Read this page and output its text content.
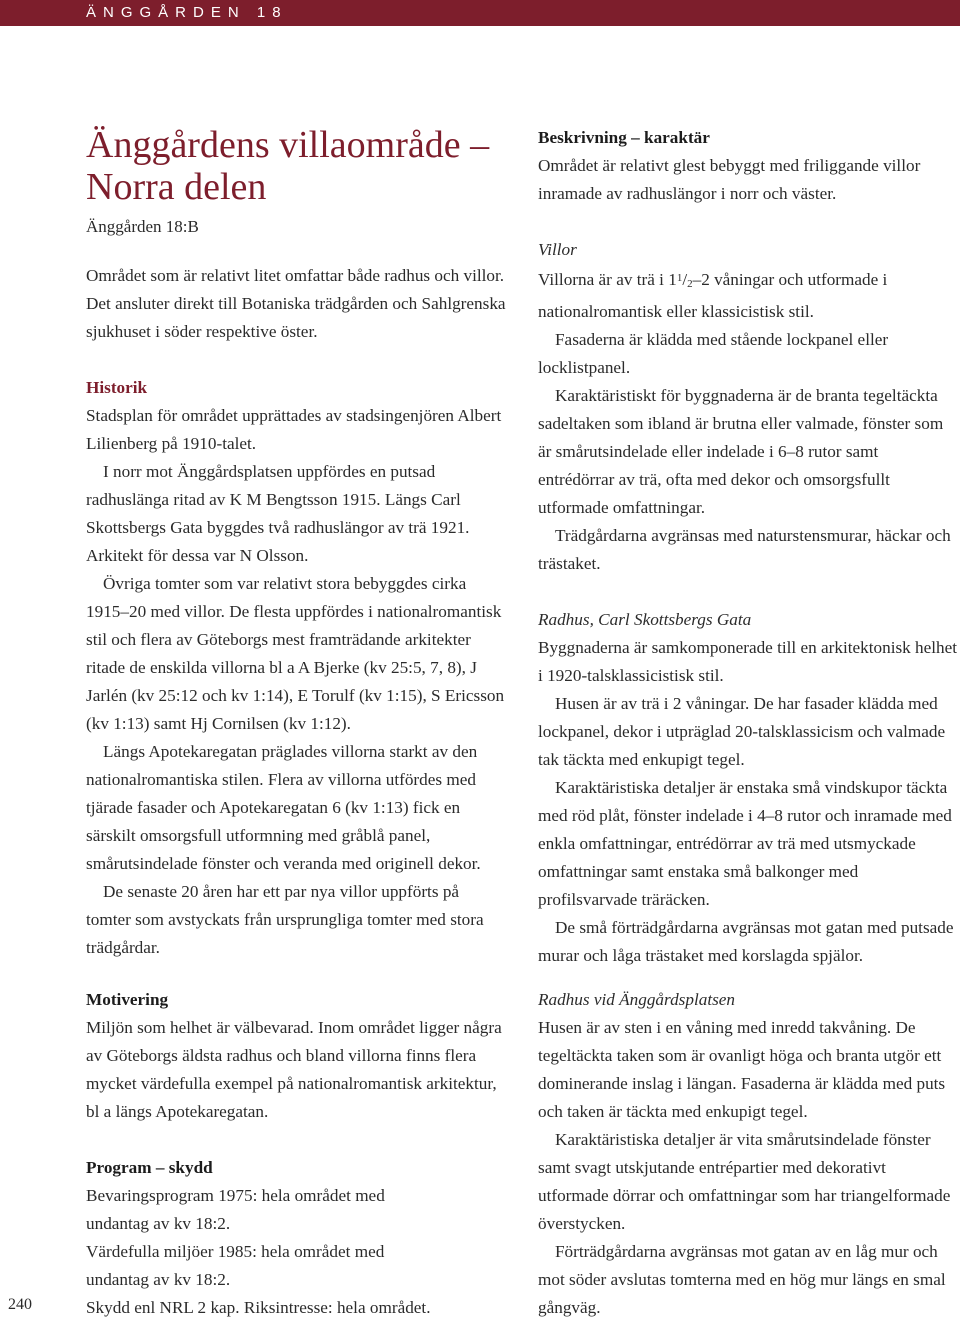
ÄNGGÅRDEN 18
Änggårdens villaområde – Norra delen

Änggården 18:B

Området som är relativt litet omfattar både radhus och villor. Det ansluter direkt till Botaniska trädgården och Sahlgrenska sjukhuset i söder respektive öster.

Historik

Stadsplan för området upprättades av stadsingenjören Albert Lilienberg på 1910-talet.

I norr mot Änggårdsplatsen uppfördes en putsad radhuslänga ritad av K M Bengtsson 1915. Längs Carl Skottsbergs Gata byggdes två radhuslängor av trä 1921. Arkitekt för dessa var N Olsson.

Övriga tomter som var relativt stora bebyggdes cirka 1915–20 med villor. De flesta uppfördes i nationalromantisk stil och flera av Göteborgs mest framträdande arkitekter ritade de enskilda villorna bl a A Bjerke (kv 25:5, 7, 8), J Jarlén (kv 25:12 och kv 1:14), E Torulf (kv 1:15), S Ericsson (kv 1:13) samt Hj Cornilsen (kv 1:12).

Längs Apotekaregatan präglades villorna starkt av den nationalromantiska stilen. Flera av villorna utfördes med tjärade fasader och Apotekaregatan 6 (kv 1:13) fick en särskilt omsorgsfull utformning med gråblå panel, smårutsindelade fönster och veranda med originell dekor.

De senaste 20 åren har ett par nya villor uppförts på tomter som avstyckats från ursprungliga tomter med stora trädgårdar.

Motivering

Miljön som helhet är välbevarad. Inom området ligger några av Göteborgs äldsta radhus och bland villorna finns flera mycket värdefulla exempel på nationalromantisk arkitektur, bl a längs Apotekaregatan.

Program – skydd

Bevaringsprogram 1975: hela området med undantag av kv 18:2.

Värdefulla miljöer 1985: hela området med undantag av kv 18:2.

Skydd enl NRL 2 kap. Riksintresse: hela området.

Beskrivning – karaktär

Området är relativt glest bebyggt med friliggande villor inramade av radhuslängor i norr och väster.

Villor

Villorna är av trä i $1^1/2-2$ våningar och utformade i nationalromantisk eller klassicistisk stil.

Fasaderna är klädda med stående lockpanel eller locklistpanel.

Karaktäristiskt för byggnaderna är de branta tegeltäckta sadeltaken som ibland är brutna eller valmade, fönster som är smårutsindelade eller indelade i 6–8 rutor samt entrédörrar av trä, ofta med dekor och omsorgsfullt utformade omfattningar.

Trädgårdarna avgränsas med naturstensmurar, häckar och trästaket.

Radhus, Carl Skottsbergs Gata

Byggnaderna är samkomponerade till en arkitektonisk helhet i 1920-talsklassicistisk stil.

Husen är av trä i 2 våningar. De har fasader klädda med lockpanel, dekor i utpräglad 20-talsklassicism och valmade tak täckta med enkupigt tegel.

Karaktäristiska detaljer är enstaka små vindskupor täckta med röd plåt, fönster indelade i 4–8 rutor och inramade med enkla omfattningar, entrédörrar av trä med utsmyckade omfattningar samt enstaka små balkonger med profilsvarvade träräcken.

De små förträdgårdarna avgränsas mot gatan med putsade murar och låga trästaket med korslagda spjälor.

Radhus vid Änggårdsplatsen

Husen är av sten i en våning med inredd takvåning. De tegeltäckta taken som är ovanligt höga och branta utgör ett dominerande inslag i längan. Fasaderna är klädda med puts och taken är täckta med enkupigt tegel.

Karaktäristiska detaljer är vita smårutsindelade fönster samt svagt utskjutande entrépartier med dekorativt utformade dörrar och omfattningar som har triangelformade överstycken.

Förträdgårdarna avgränsas mot gatan av en låg mur och mot söder avslutas tomterna med en hög mur längs en smal gångväg.

240
